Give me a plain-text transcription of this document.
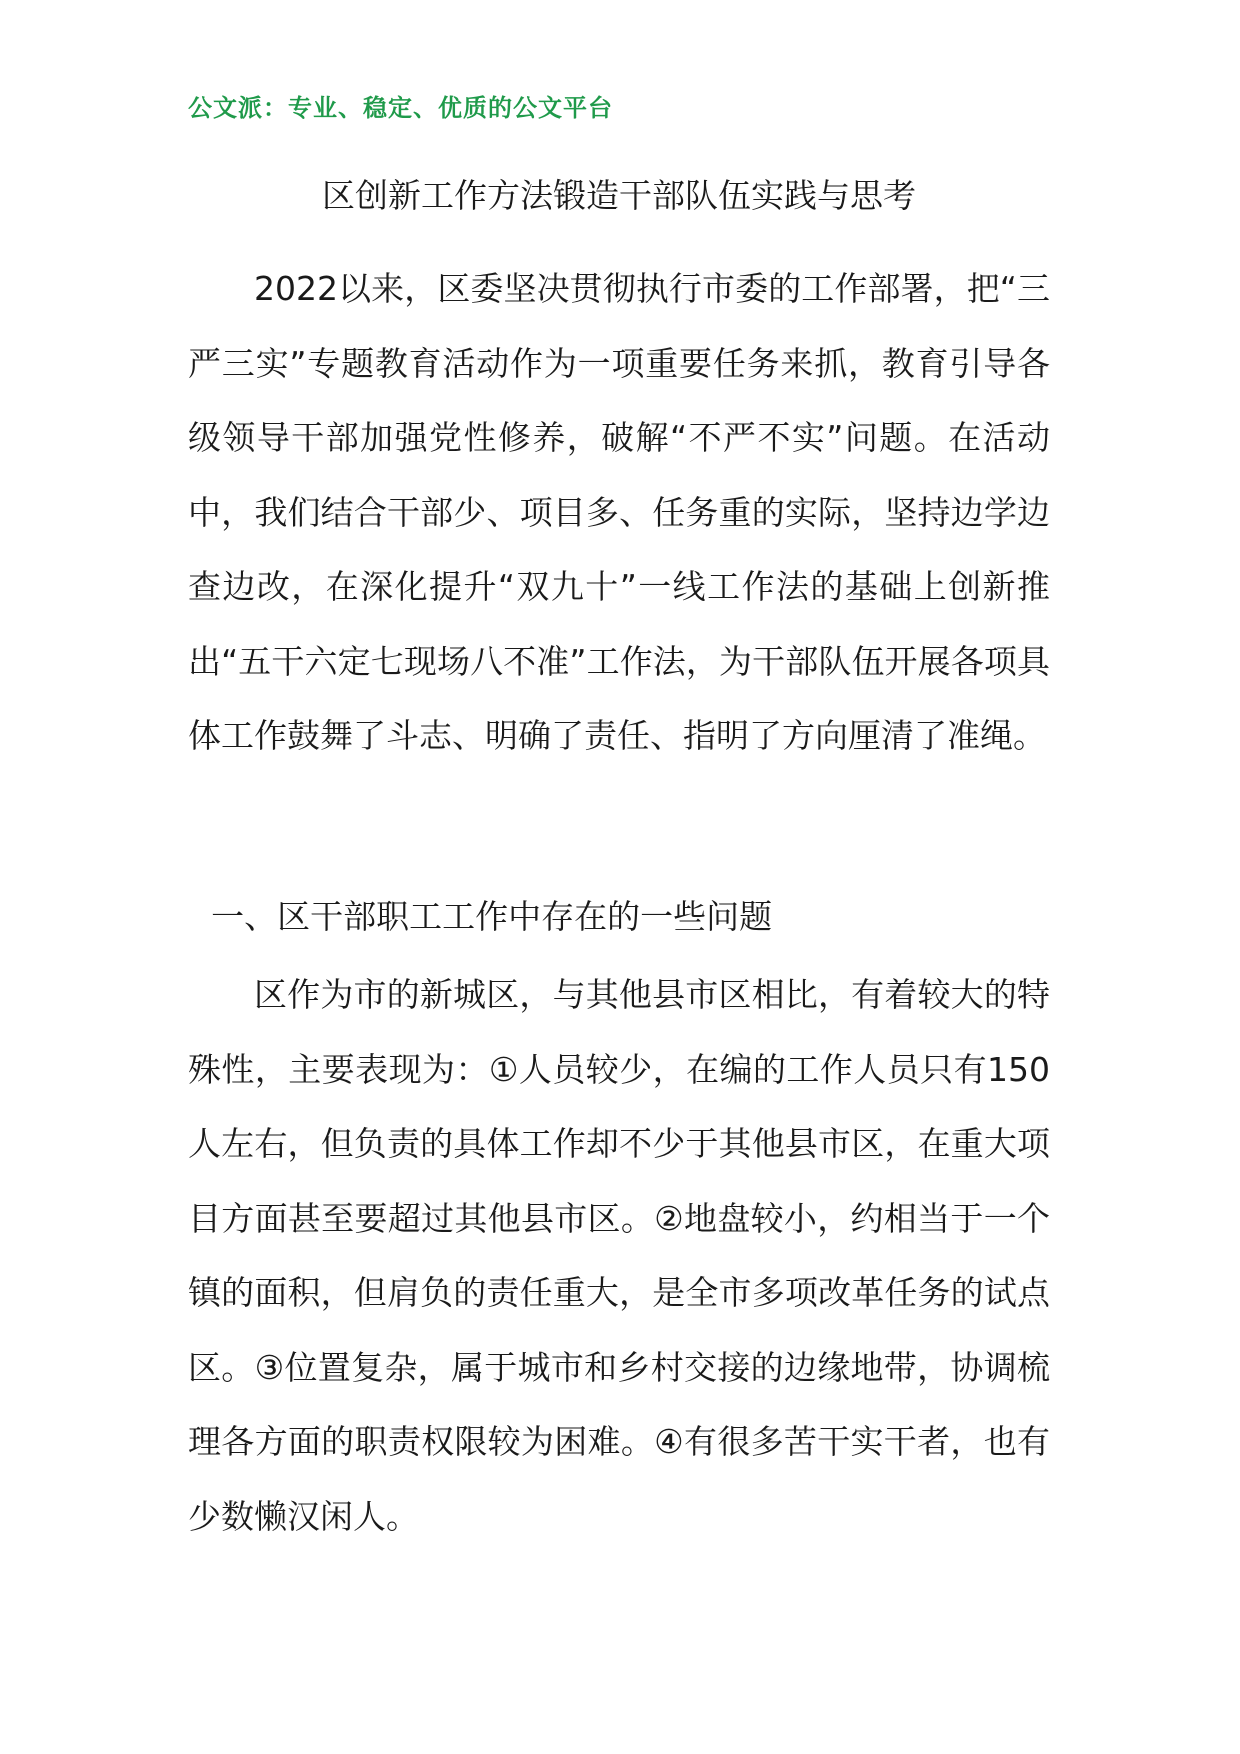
公文派：专业、稳定、优质的公文平台
区创新工作方法锻造干部队伍实践与思考

2022以来，区委坚决贯彻执行市委的工作部署，把“三严三实”专题教育活动作为一项重要任务来抓，教育引导各级领导干部加强党性修养，破解“不严不实”问题。在活动中，我们结合干部少、项目多、任务重的实际，坚持边学边查边改，在深化提升“双九十”一线工作法的基础上创新推出“五干六定七现场八不准”工作法，为干部队伍开展各项具体工作鼓舞了斗志、明确了责任、指明了方向厘清了准绳。

一、区干部职工工作中存在的一些问题

区作为市的新城区，与其他县市区相比，有着较大的特殊性，主要表现为：①人员较少，在编的工作人员只有150人左右，但负责的具体工作却不少于其他县市区，在重大项目方面甚至要超过其他县市区。②地盘较小，约相当于一个镇的面积，但肩负的责任重大，是全市多项改革任务的试点区。③位置复杂，属于城市和乡村交接的边缘地带，协调梳理各方面的职责权限较为困难。④有很多苦干实干者，也有少数懒汉闲人。
